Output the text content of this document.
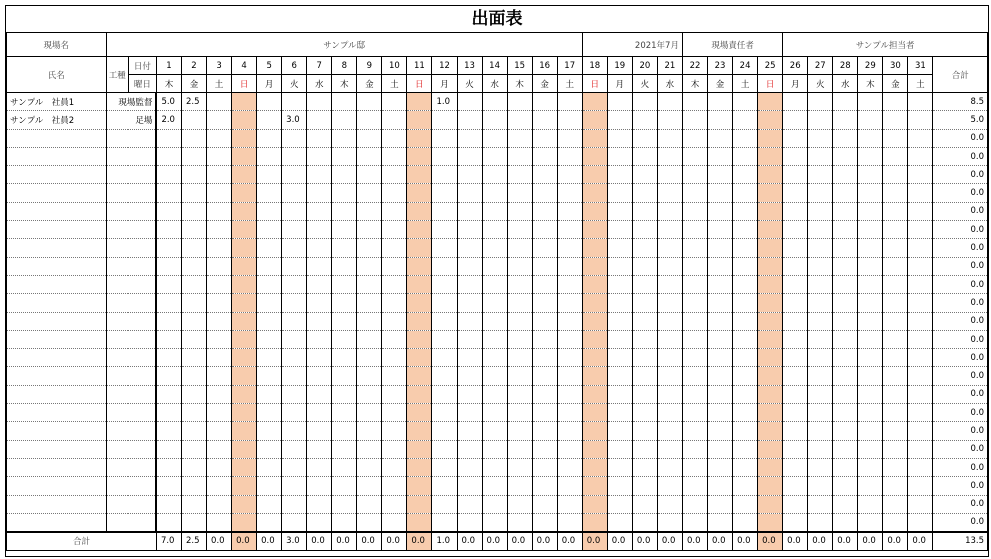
出面表
現場名	サンプル邸																			2021年7月				現場責任者				サンプル担当者						
氏名	工種	日付	1	2	3	4	5	6	7	8	9	10	11	12	13	14	15	16	17	18	19	20	21	22	23	24	25	26	27	28	29	30	31	合計
		曜日	木	金	土	日	月	火	水	木	金	土	日	月	火	水	木	金	土	日	月	火	水	木	金	土	日	月	火	水	木	金	土	
サンプル　社員1	現場監督		5.0	2.5										1.0																				8.5
サンプル　社員2	足場		2.0					3.0																										5.0
																																		0.0
																																		0.0
																																		0.0
																																		0.0
																																		0.0
																																		0.0
																																		0.0
																																		0.0
																																		0.0
																																		0.0
																																		0.0
																																		0.0
																																		0.0
																																		0.0
																																		0.0
																																		0.0
																																		0.0
																																		0.0
																																		0.0
																																		0.0
																																		0.0
																																		0.0
合計			7.0	2.5	0.0	0.0	0.0	3.0	0.0	0.0	0.0	0.0	0.0	1.0	0.0	0.0	0.0	0.0	0.0	0.0	0.0	0.0	0.0	0.0	0.0	0.0	0.0	0.0	0.0	0.0	0.0	0.0	0.0	13.5
